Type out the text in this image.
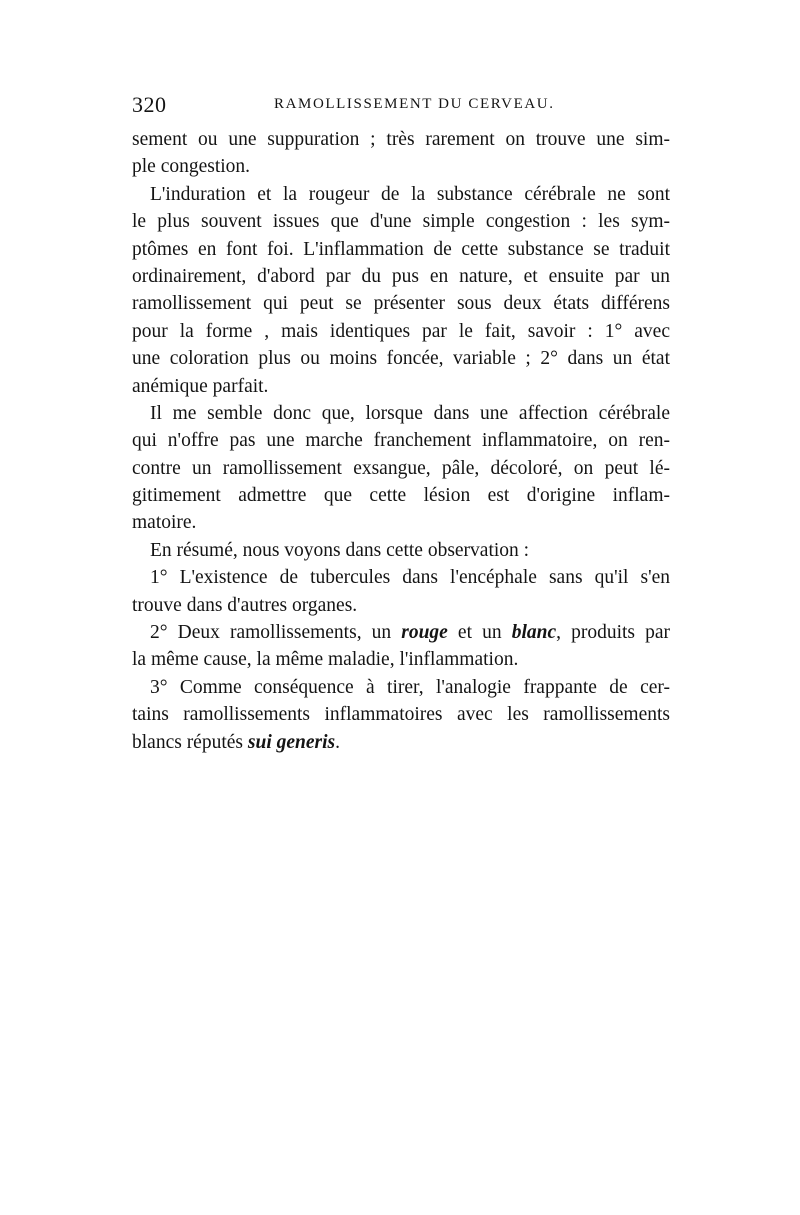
320	RAMOLLISSEMENT DU CERVEAU.
sement ou une suppuration ; très rarement on trouve une sim-
ple congestion.
L'induration et la rougeur de la substance cérébrale ne sont
le plus souvent issues que d'une simple congestion : les sym-
ptômes en font foi. L'inflammation de cette substance se traduit
ordinairement, d'abord par du pus en nature, et ensuite par un
ramollissement qui peut se présenter sous deux états différens
pour la forme , mais identiques par le fait, savoir : 1° avec
une coloration plus ou moins foncée, variable ; 2° dans un état
anémique parfait.
Il me semble donc que, lorsque dans une affection cérébrale
qui n'offre pas une marche franchement inflammatoire, on ren-
contre un ramollissement exsangue, pâle, décoloré, on peut lé-
gitimement admettre que cette lésion est d'origine inflam-
matoire.
En résumé, nous voyons dans cette observation :
1° L'existence de tubercules dans l'encéphale sans qu'il s'en
trouve dans d'autres organes.
2° Deux ramollissements, un rouge et un blanc, produits par
la même cause, la même maladie, l'inflammation.
3° Comme conséquence à tirer, l'analogie frappante de cer-
tains ramollissements inflammatoires avec les ramollissements
blancs réputés sui generis.
